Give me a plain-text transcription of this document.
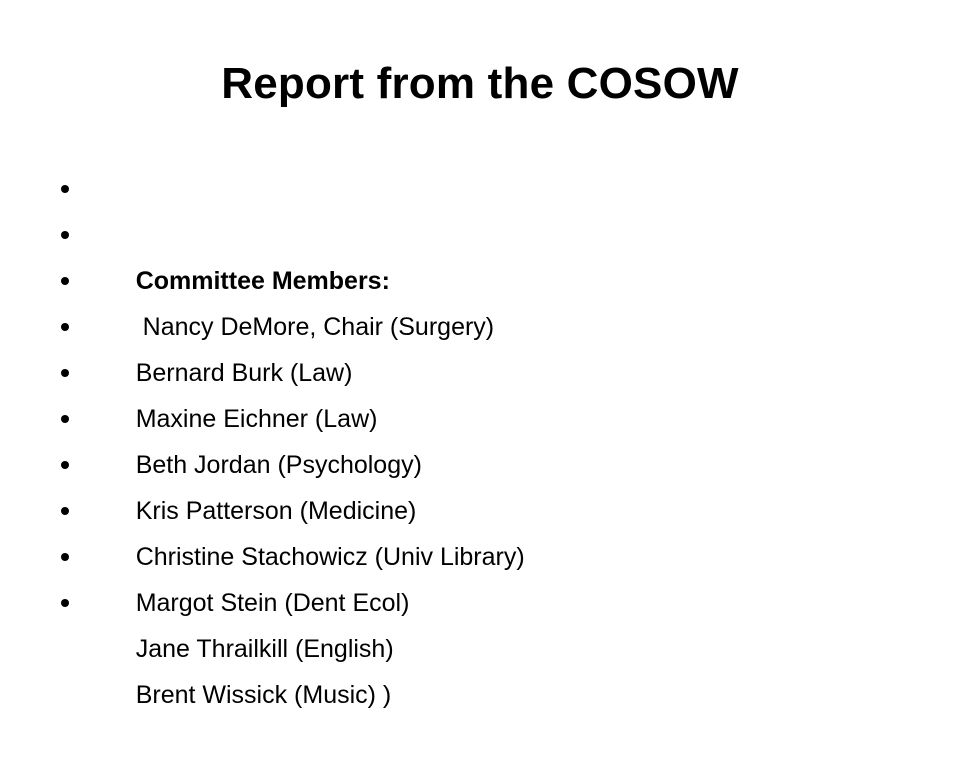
Report from the COSOW

Committee Members:

Nancy DeMore, Chair (Surgery)

Bernard Burk (Law)

Maxine Eichner (Law)

Beth Jordan (Psychology)

Kris Patterson (Medicine)

Christine Stachowicz (Univ Library)

Margot Stein (Dent Ecol)

Jane Thrailkill (English)

Brent Wissick (Music) )
